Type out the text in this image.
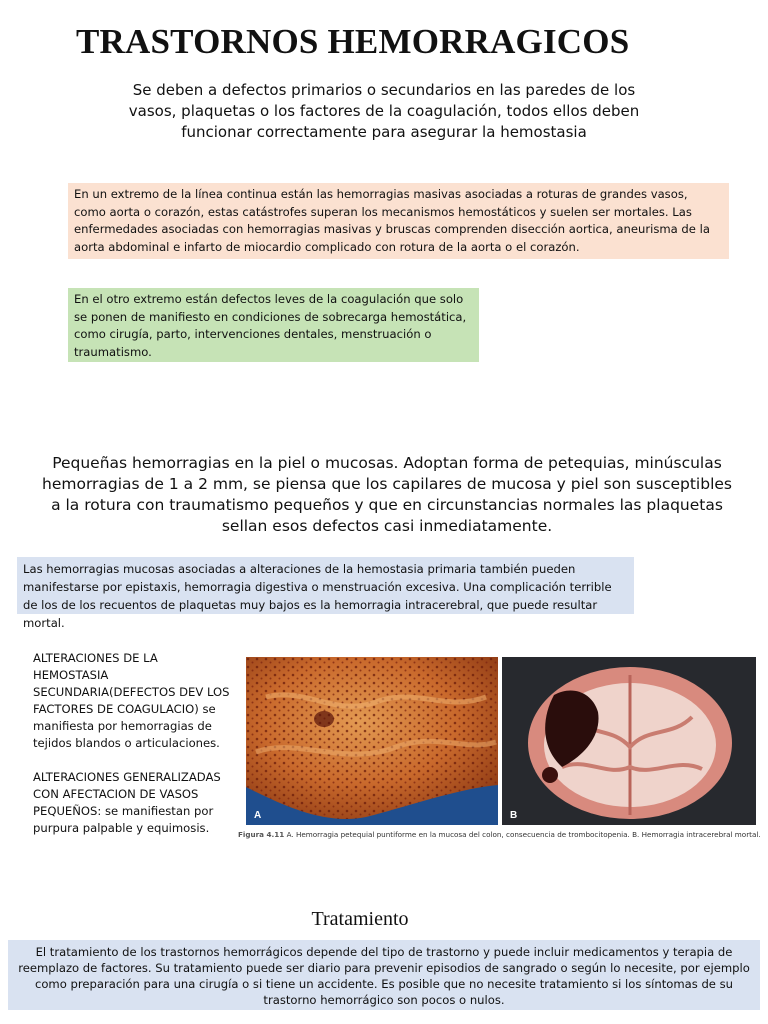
TRASTORNOS HEMORRAGICOS
Se deben a defectos primarios o secundarios en las paredes de los vasos, plaquetas o los factores de la coagulación, todos ellos deben funcionar correctamente para asegurar la hemostasia
En un extremo de la línea continua están las hemorragias masivas asociadas a roturas de grandes vasos, como aorta o corazón, estas catástrofes superan los mecanismos hemostáticos y suelen ser mortales. Las enfermedades asociadas con hemorragias masivas y bruscas comprenden disección aortica, aneurisma de la aorta abdominal e infarto de miocardio complicado con rotura de la aorta o el corazón.
En el otro extremo están defectos leves de la coagulación que solo se ponen de manifiesto en condiciones de sobrecarga hemostática, como cirugía, parto, intervenciones dentales, menstruación o traumatismo.
Pequeñas hemorragias en la piel o mucosas. Adoptan forma de petequias, minúsculas hemorragias de 1 a 2 mm, se piensa que los capilares de mucosa y piel son susceptibles a la rotura con traumatismo pequeños y que en circunstancias normales las plaquetas sellan esos defectos casi inmediatamente.
Las hemorragias mucosas asociadas a alteraciones de la hemostasia primaria también pueden manifestarse por epistaxis, hemorragia digestiva o menstruación excesiva. Una complicación terrible de los de los recuentos de plaquetas muy bajos es la hemorragia intracerebral, que puede resultar mortal.

ALTERACIONES DE LA HEMOSTASIA SECUNDARIA(DEFECTOS DEV LOS FACTORES DE COAGULACIO) se manifiesta por hemorragias de tejidos blandos o articulaciones.

ALTERACIONES GENERALIZADAS CON AFECTACION DE VASOS PEQUEÑOS: se manifiestan por purpura palpable y equimosis.

A	B
Figura 4.11 A. Hemorragia petequial puntiforme en la mucosa del colon, consecuencia de trombocitopenia. B. Hemorragia intracerebral mortal.
Tratamiento
El tratamiento de los trastornos hemorrágicos depende del tipo de trastorno y puede incluir medicamentos y terapia de reemplazo de factores. Su tratamiento puede ser diario para prevenir episodios de sangrado o según lo necesite, por ejemplo como preparación para una cirugía o si tiene un accidente. Es posible que no necesite tratamiento si los síntomas de su trastorno hemorrágico son pocos o nulos.
